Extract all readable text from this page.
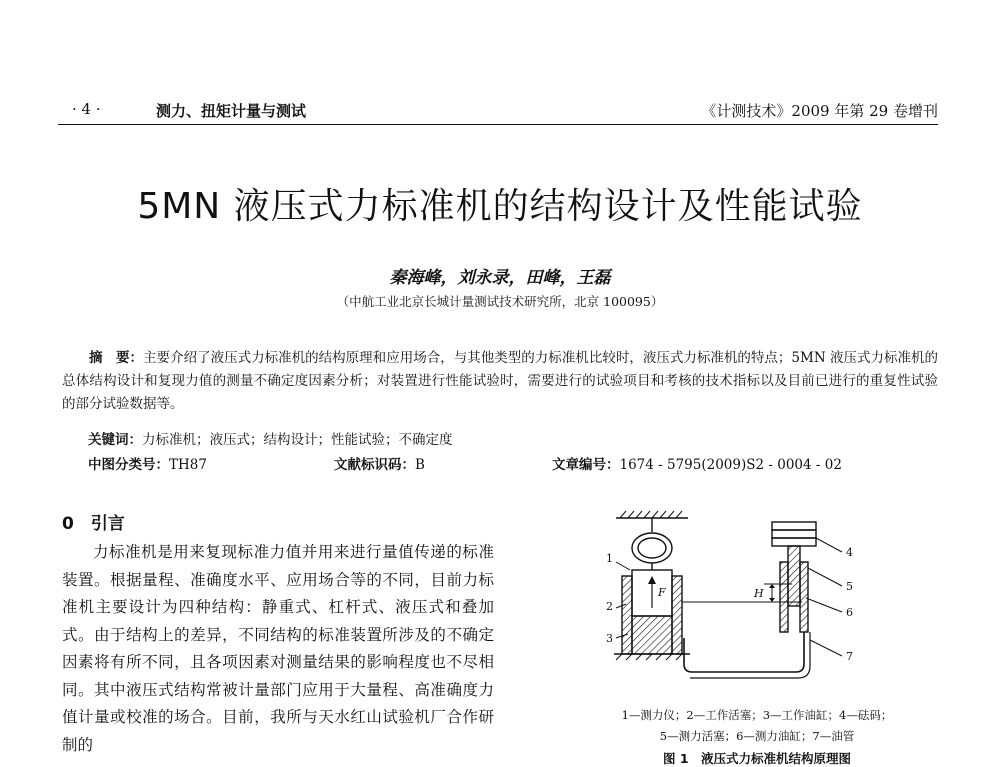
· 4 ·	测力、扭矩计量与测试	《计测技术》2009 年第 29 卷增刊
5MN 液压式力标准机的结构设计及性能试验
秦海峰，刘永录，田峰，王磊
（中航工业北京长城计量测试技术研究所，北京 100095）
摘　要：主要介绍了液压式力标准机的结构原理和应用场合，与其他类型的力标准机比较时，液压式力标准机的特点；5MN 液压式力标准机的总体结构设计和复现力值的测量不确定度因素分析；对装置进行性能试验时，需要进行的试验项目和考核的技术指标以及目前已进行的重复性试验的部分试验数据等。
关键词：力标准机；液压式；结构设计；性能试验；不确定度
中图分类号：TH87	文献标识码：B	文章编号：1674 - 5795(2009)S2 - 0004 - 02
0　引言
力标准机是用来复现标准力值并用来进行量值传递的标准装置。根据量程、准确度水平、应用场合等的不同，目前力标准机主要设计为四种结构：静重式、杠杆式、液压式和叠加式。由于结构上的差异，不同结构的标准装置所涉及的不确定因素将有所不同，且各项因素对测量结果的影响程度也不尽相同。其中液压式结构常被计量部门应用于大量程、高准确度力值计量或校准的场合。目前，我所与天水红山试验机厂合作研制的
1
2
3
4
5
6
7
F	H
1—测力仪；2—工作活塞；3—工作油缸；4—砝码；
5—测力活塞；6—测力油缸；7—油管
图 1　液压式力标准机结构原理图
